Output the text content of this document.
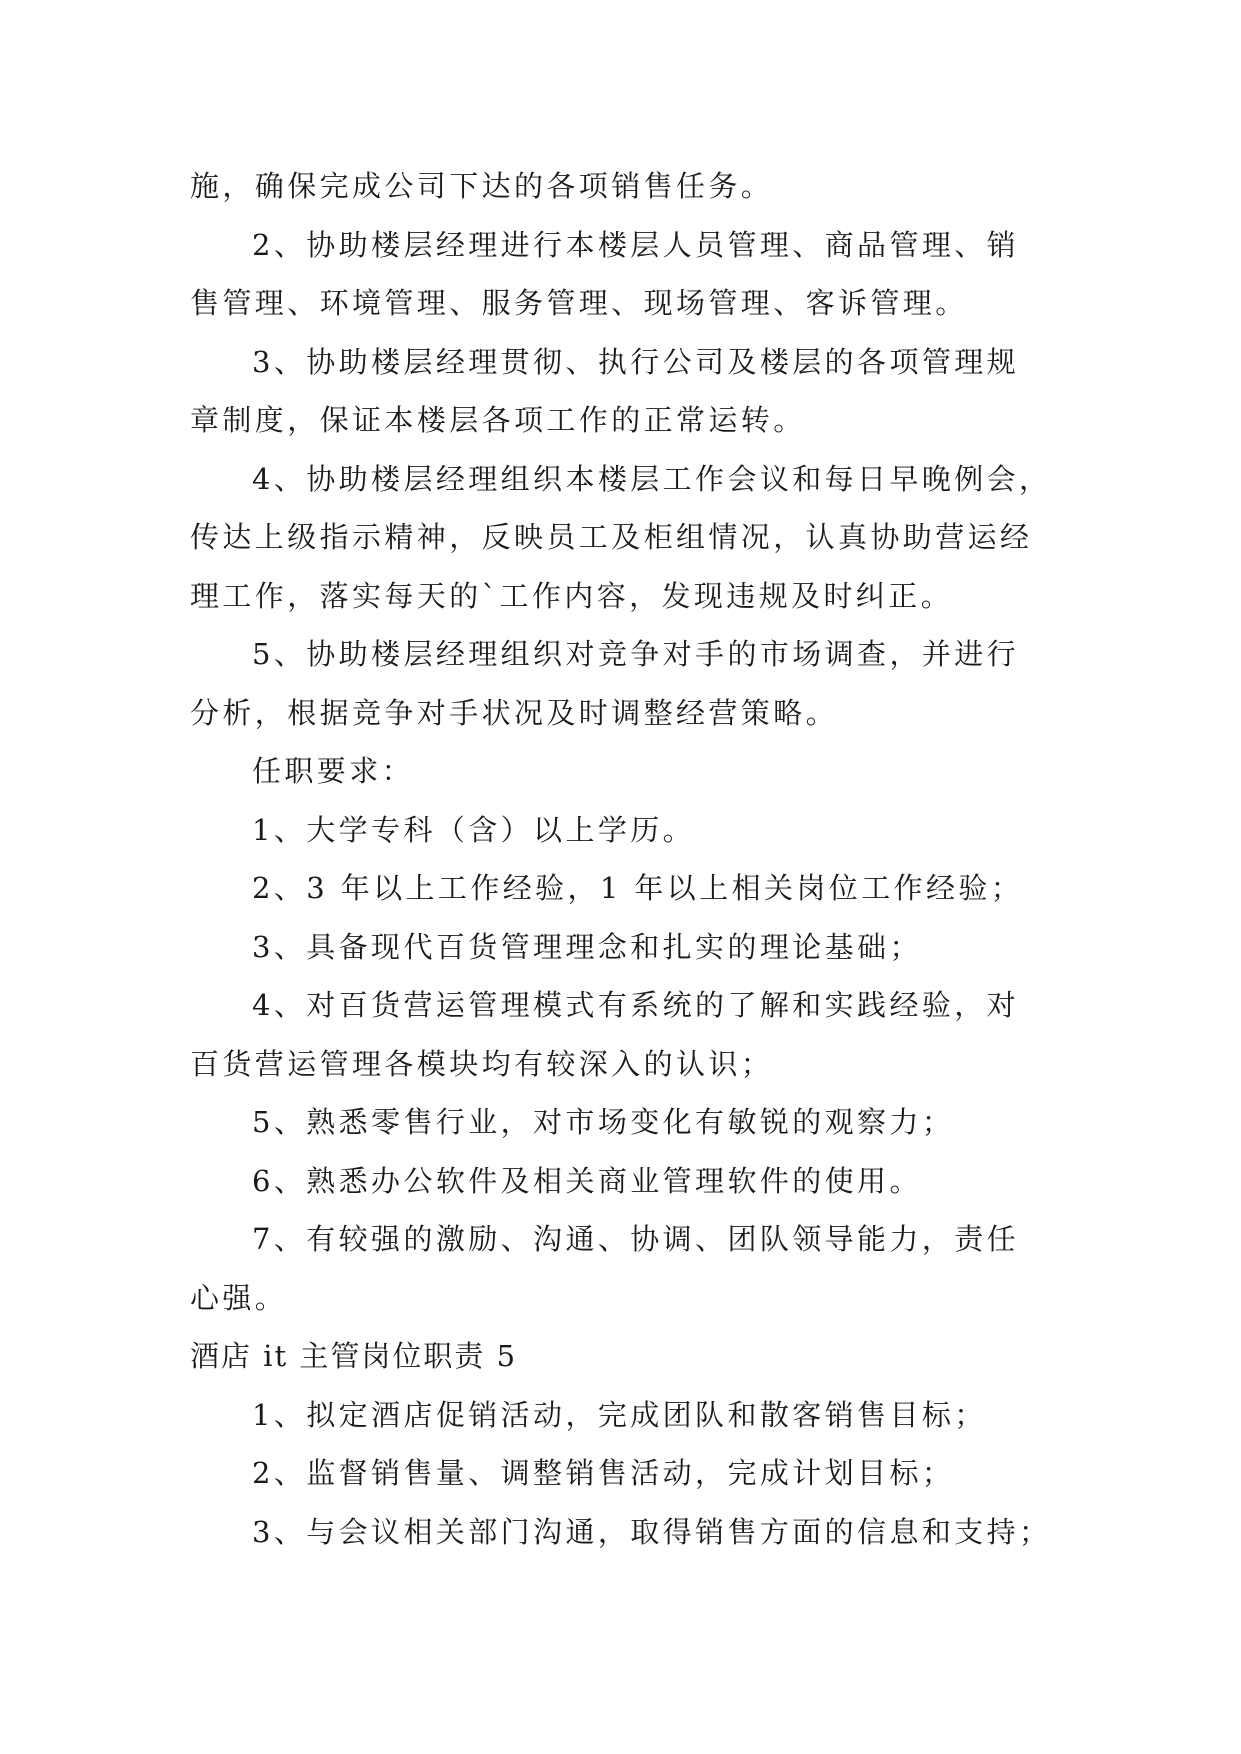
施，确保完成公司下达的各项销售任务。

2、协助楼层经理进行本楼层人员管理、商品管理、销

售管理、环境管理、服务管理、现场管理、客诉管理。

3、协助楼层经理贯彻、执行公司及楼层的各项管理规

章制度，保证本楼层各项工作的正常运转。

4、协助楼层经理组织本楼层工作会议和每日早晚例会，

传达上级指示精神，反映员工及柜组情况，认真协助营运经

理工作，落实每天的`工作内容，发现违规及时纠正。

5、协助楼层经理组织对竞争对手的市场调查，并进行

分析，根据竞争对手状况及时调整经营策略。

任职要求：

1、大学专科（含）以上学历。

2、3 年以上工作经验，1 年以上相关岗位工作经验；

3、具备现代百货管理理念和扎实的理论基础；

4、对百货营运管理模式有系统的了解和实践经验，对

百货营运管理各模块均有较深入的认识；

5、熟悉零售行业，对市场变化有敏锐的观察力；

6、熟悉办公软件及相关商业管理软件的使用。

7、有较强的激励、沟通、协调、团队领导能力，责任

心强。

酒店 it 主管岗位职责 5

1、拟定酒店促销活动，完成团队和散客销售目标；

2、监督销售量、调整销售活动，完成计划目标；

3、与会议相关部门沟通，取得销售方面的信息和支持；
